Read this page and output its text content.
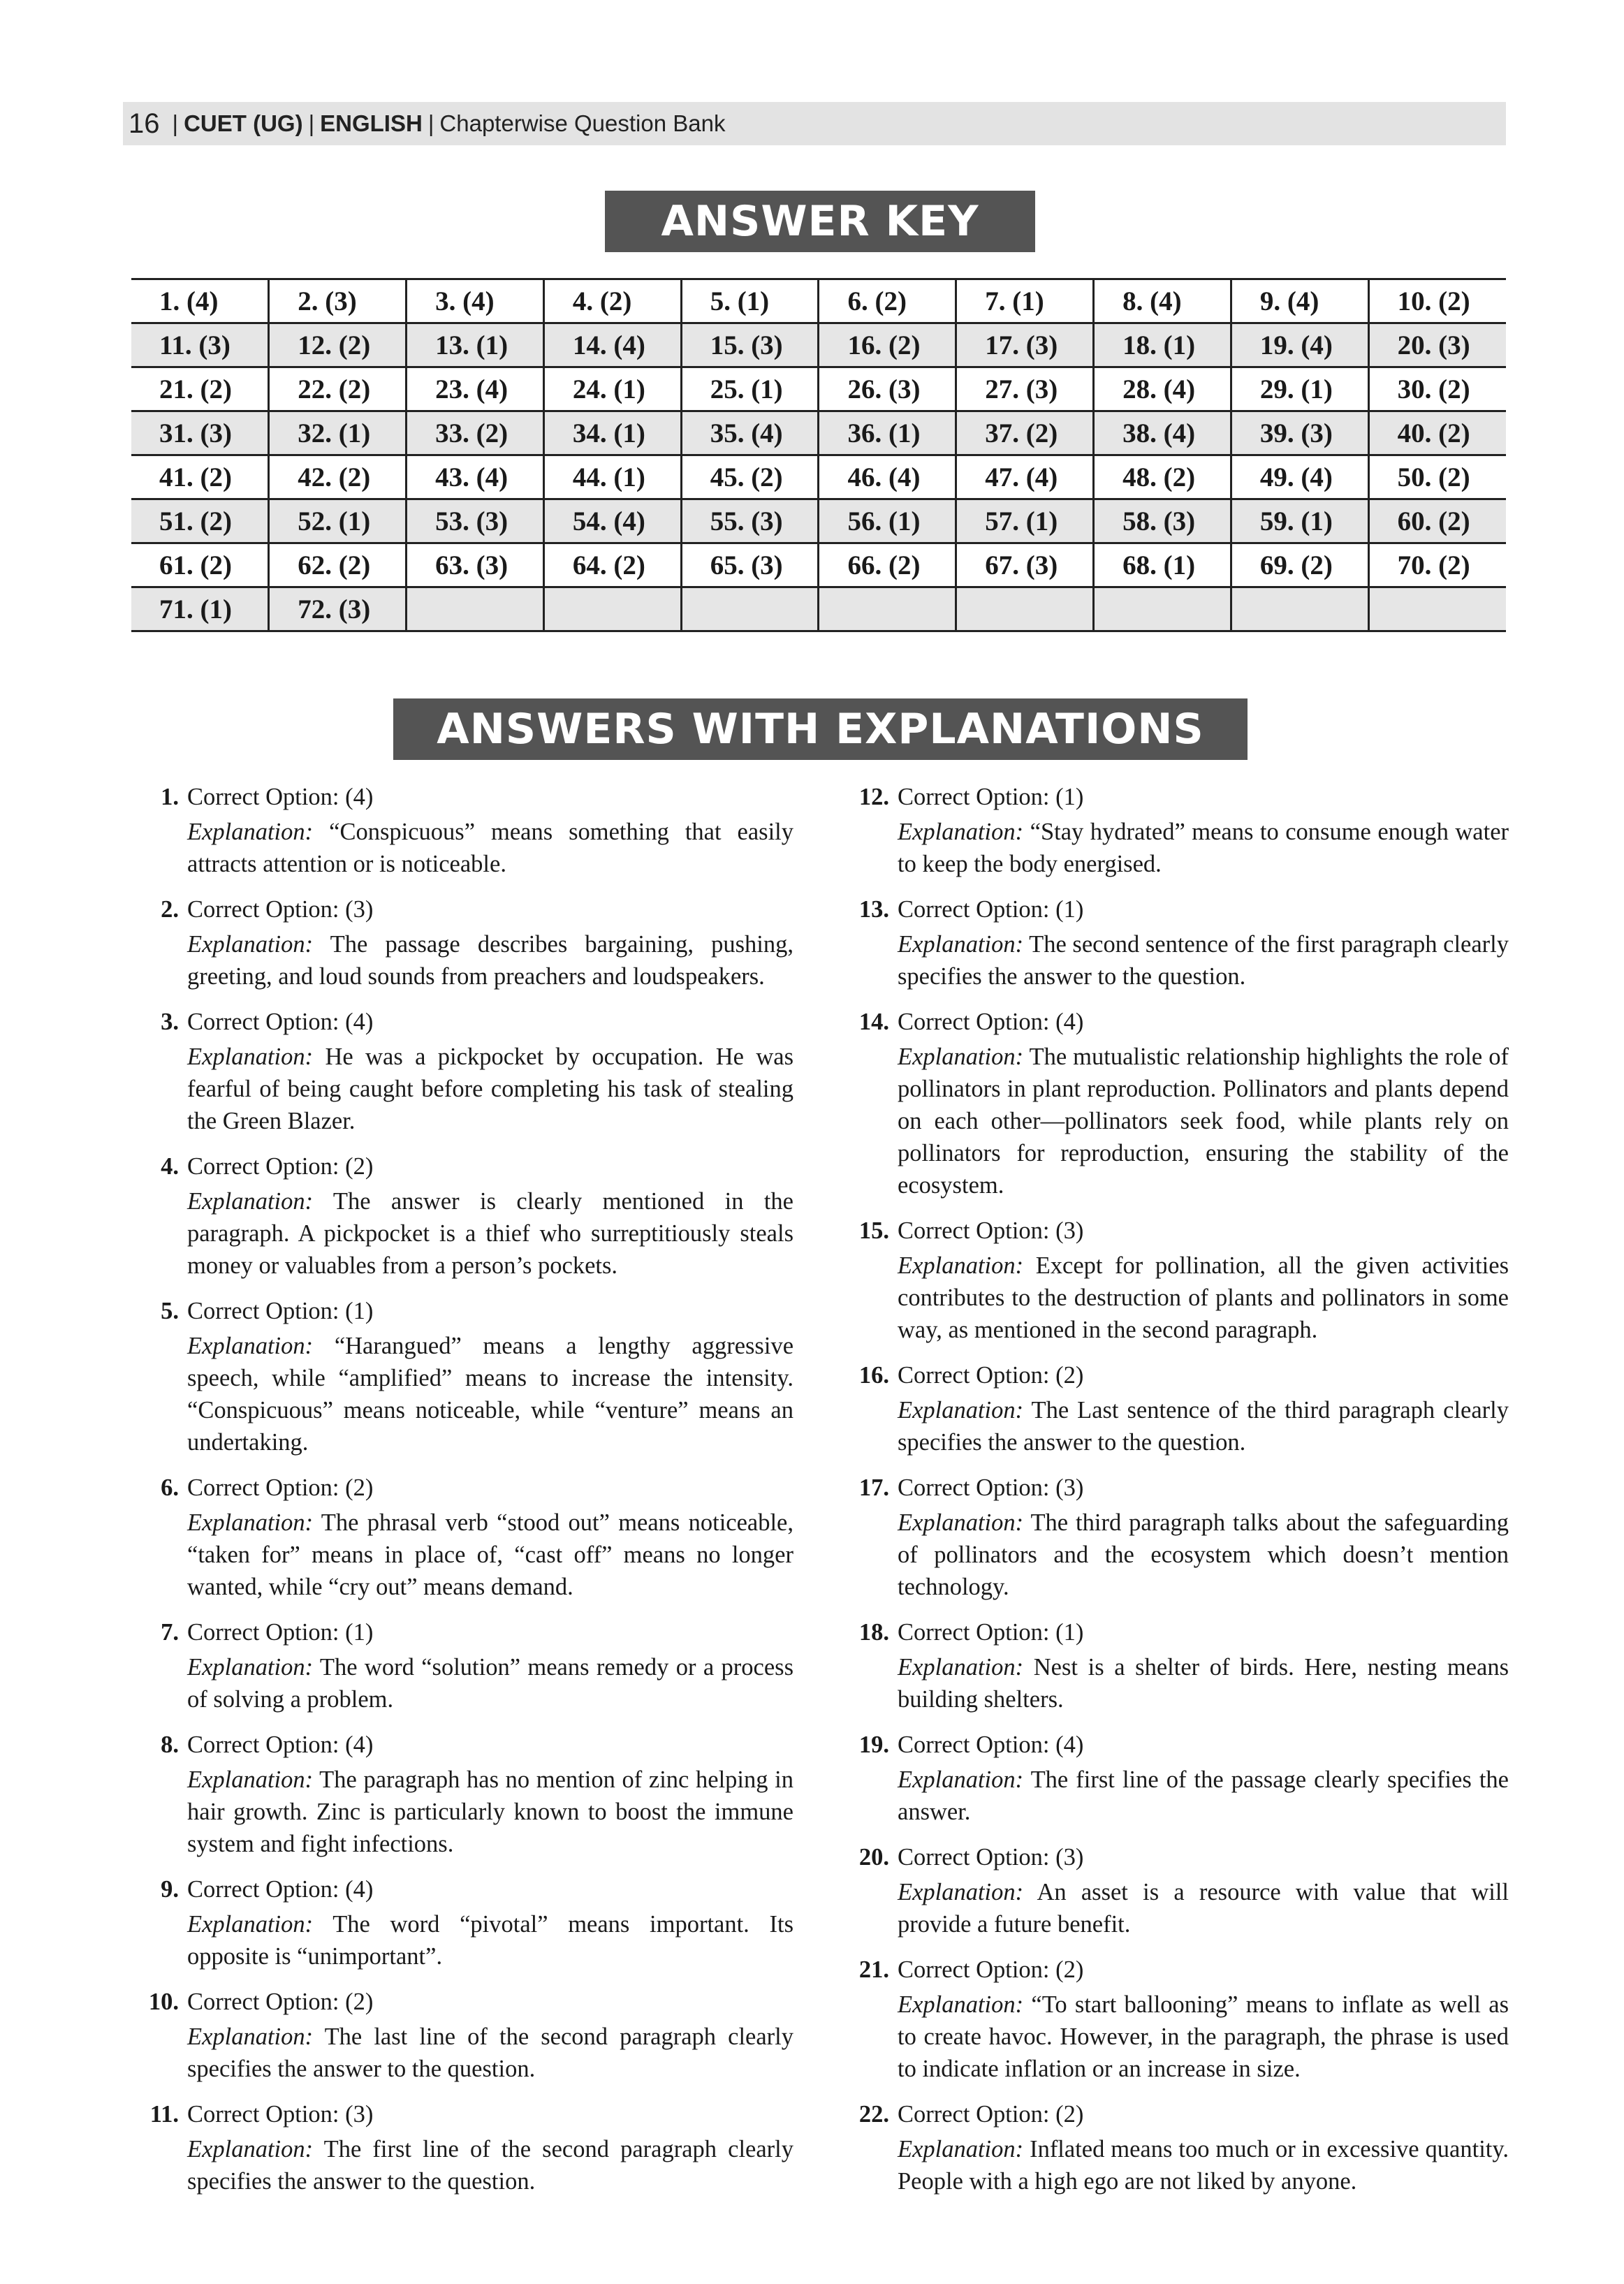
16 | CUET (UG) | ENGLISH | Chapterwise Question Bank
ANSWER KEY
1. (4)	2. (3)	3. (4)	4. (2)	5. (1)	6. (2)	7. (1)	8. (4)	9. (4)	10. (2)
11. (3)	12. (2)	13. (1)	14. (4)	15. (3)	16. (2)	17. (3)	18. (1)	19. (4)	20. (3)
21. (2)	22. (2)	23. (4)	24. (1)	25. (1)	26. (3)	27. (3)	28. (4)	29. (1)	30. (2)
31. (3)	32. (1)	33. (2)	34. (1)	35. (4)	36. (1)	37. (2)	38. (4)	39. (3)	40. (2)
41. (2)	42. (2)	43. (4)	44. (1)	45. (2)	46. (4)	47. (4)	48. (2)	49. (4)	50. (2)
51. (2)	52. (1)	53. (3)	54. (4)	55. (3)	56. (1)	57. (1)	58. (3)	59. (1)	60. (2)
61. (2)	62. (2)	63. (3)	64. (2)	65. (3)	66. (2)	67. (3)	68. (1)	69. (2)	70. (2)
71. (1)	72. (3)								
ANSWERS WITH EXPLANATIONS
1. Correct Option: (4)
Explanation: “Conspicuous” means something that easily attracts attention or is noticeable.
2. Correct Option: (3)
Explanation: The passage describes bargaining, pushing, greeting, and loud sounds from preachers and loudspeakers.
3. Correct Option: (4)
Explanation: He was a pickpocket by occupation. He was fearful of being caught before completing his task of stealing the Green Blazer.
4. Correct Option: (2)
Explanation: The answer is clearly mentioned in the paragraph. A pickpocket is a thief who surreptitiously steals money or valuables from a person’s pockets.
5. Correct Option: (1)
Explanation: “Harangued” means a lengthy aggressive speech, while “amplified” means to increase the intensity. “Conspicuous” means noticeable, while “venture” means an undertaking.
6. Correct Option: (2)
Explanation: The phrasal verb “stood out” means noticeable, “taken for” means in place of, “cast off” means no longer wanted, while “cry out” means demand.
7. Correct Option: (1)
Explanation: The word “solution” means remedy or a process of solving a problem.
8. Correct Option: (4)
Explanation: The paragraph has no mention of zinc helping in hair growth. Zinc is particularly known to boost the immune system and fight infections.
9. Correct Option: (4)
Explanation: The word “pivotal” means important. Its opposite is “unimportant”.
10. Correct Option: (2)
Explanation: The last line of the second paragraph clearly specifies the answer to the question.
11. Correct Option: (3)
Explanation: The first line of the second paragraph clearly specifies the answer to the question.
12. Correct Option: (1)
Explanation: “Stay hydrated” means to consume enough water to keep the body energised.
13. Correct Option: (1)
Explanation: The second sentence of the first paragraph clearly specifies the answer to the question.
14. Correct Option: (4)
Explanation: The mutualistic relationship highlights the role of pollinators in plant reproduction. Pollinators and plants depend on each other—pollinators seek food, while plants rely on pollinators for reproduction, ensuring the stability of the ecosystem.
15. Correct Option: (3)
Explanation: Except for pollination, all the given activities contributes to the destruction of plants and pollinators in some way, as mentioned in the second paragraph.
16. Correct Option: (2)
Explanation: The Last sentence of the third paragraph clearly specifies the answer to the question.
17. Correct Option: (3)
Explanation: The third paragraph talks about the safeguarding of pollinators and the ecosystem which doesn’t mention technology.
18. Correct Option: (1)
Explanation: Nest is a shelter of birds. Here, nesting means building shelters.
19. Correct Option: (4)
Explanation: The first line of the passage clearly specifies the answer.
20. Correct Option: (3)
Explanation: An asset is a resource with value that will provide a future benefit.
21. Correct Option: (2)
Explanation: “To start ballooning” means to inflate as well as to create havoc. However, in the paragraph, the phrase is used to indicate inflation or an increase in size.
22. Correct Option: (2)
Explanation: Inflated means too much or in excessive quantity. People with a high ego are not liked by anyone.
